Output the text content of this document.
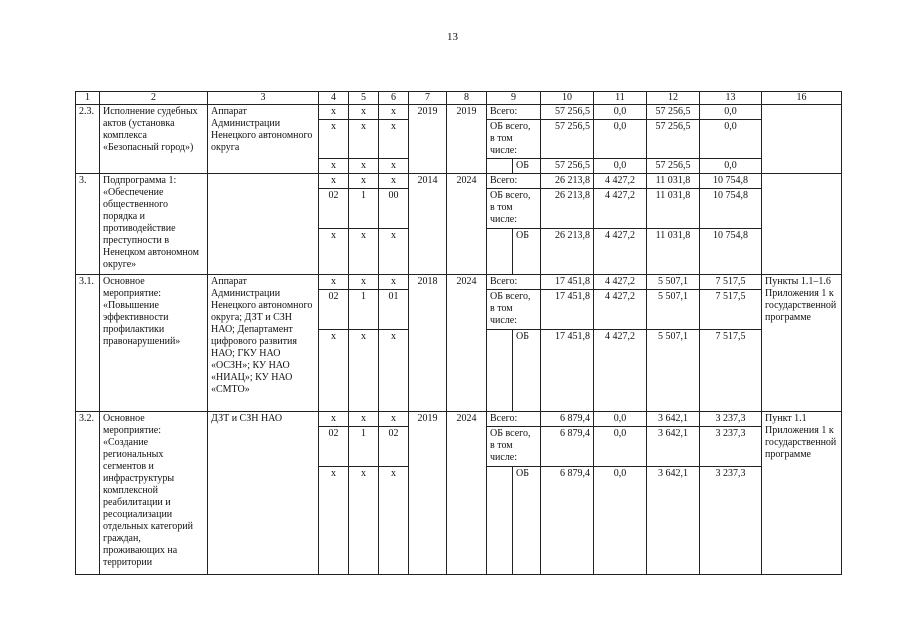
13
1	2	3	4	5	6	7	8	9		10	11	12	13	16
2.3.	Исполнение судебных актов (установка комплекса «Безопасный город»)	Аппарат Администрации Ненецкого автономного округа	х	х	х	2019	2019	Всего:		57 256,5	0,0	57 256,5	0,0	
			х	х	х			ОБ всего, в том числе:		57 256,5	0,0	57 256,5	0,0	
			х	х	х				ОБ	57 256,5	0,0	57 256,5	0,0	
3.	Подпрограмма 1: «Обеспечение общественного порядка и противодействие преступности в Ненецком автономном округе»		х	х	х	2014	2024	Всего:		26 213,8	4 427,2	11 031,8	10 754,8	
			02	1	00			ОБ всего, в том числе:		26 213,8	4 427,2	11 031,8	10 754,8	
			х	х	х				ОБ	26 213,8	4 427,2	11 031,8	10 754,8	
3.1.	Основное мероприятие: «Повышение эффективности профилактики правонарушений»	Аппарат Администрации Ненецкого автономного округа; ДЗТ и СЗН НАО; Департамент цифрового развития НАО; ГКУ НАО «ОСЗН»; КУ НАО «НИАЦ»; КУ НАО «СМТО»	х	х	х	2018	2024	Всего:		17 451,8	4 427,2	5 507,1	7 517,5	Пункты 1.1–1.6 Приложения 1 к государственной программе
			02	1	01			ОБ всего, в том числе:		17 451,8	4 427,2	5 507,1	7 517,5	
			х	х	х				ОБ	17 451,8	4 427,2	5 507,1	7 517,5	
3.2.	Основное мероприятие: «Создание региональных сегментов и инфраструктуры комплексной реабилитации и ресоциализации отдельных категорий граждан, проживающих на территории	ДЗТ и СЗН НАО	х	х	х	2019	2024	Всего:		6 879,4	0,0	3 642,1	3 237,3	Пункт 1.1 Приложения 1 к государственной программе
			02	1	02			ОБ всего, в том числе:		6 879,4	0,0	3 642,1	3 237,3	
			х	х	х				ОБ	6 879,4	0,0	3 642,1	3 237,3	
